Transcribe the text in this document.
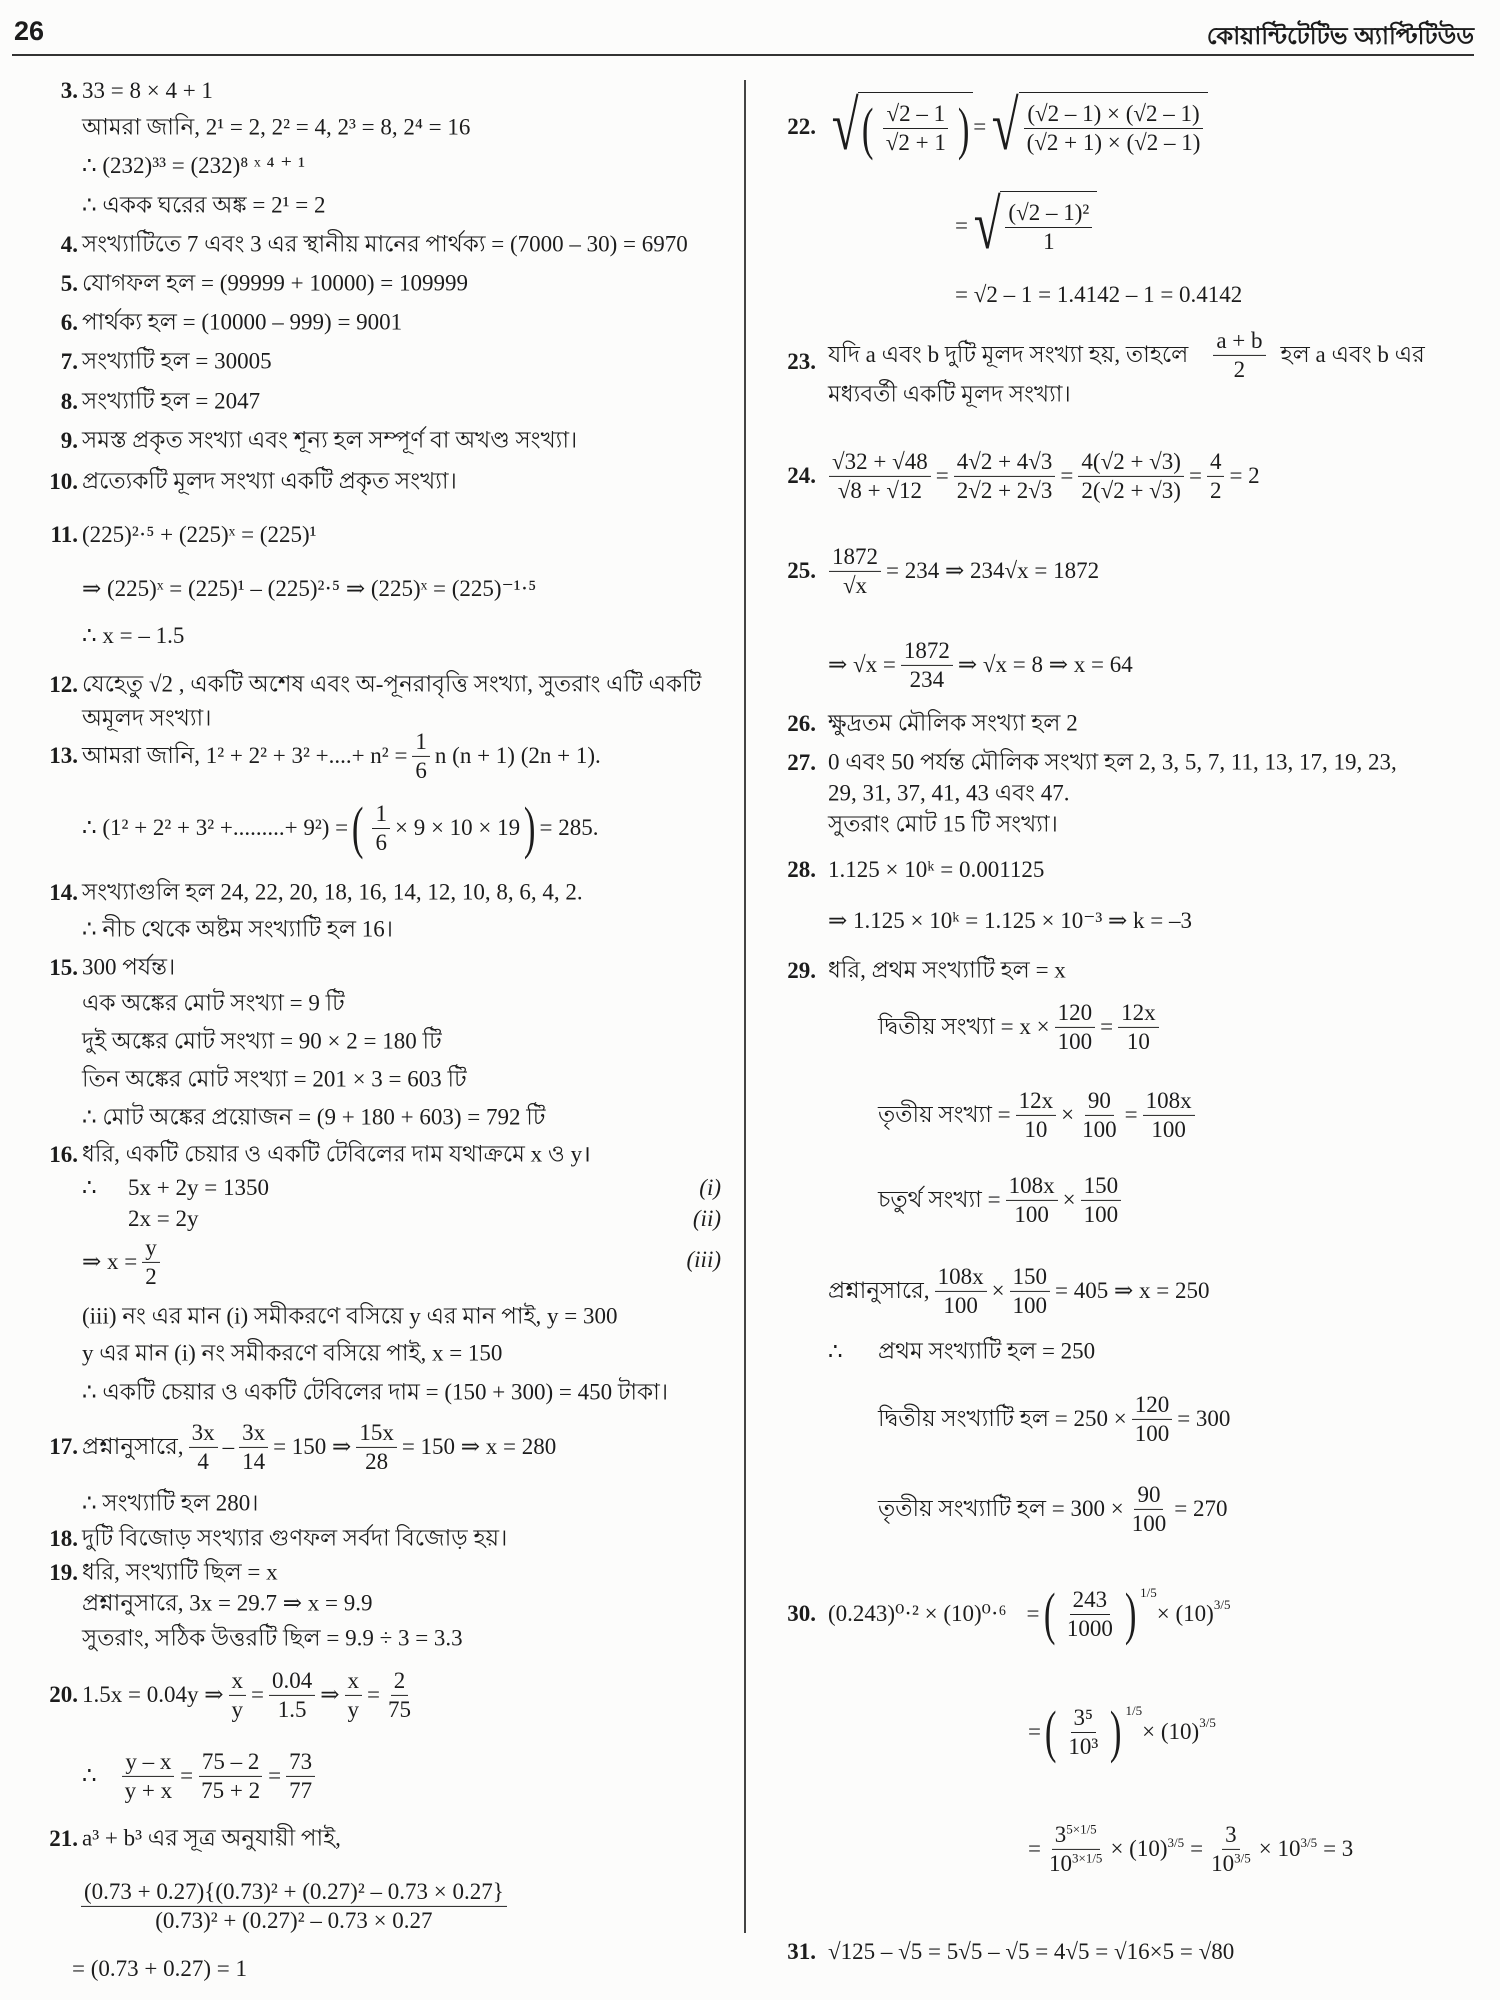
26	কোয়ান্টিটেটিভ অ্যাপ্টিটিউড
3. 33 = 8 × 4 + 1
আমরা জানি, 2¹ = 2, 2² = 4, 2³ = 8, 2⁴ = 16
∴ (232)³³ = (232)⁸ ˣ ⁴ ⁺ ¹
∴ একক ঘরের অঙ্ক = 2¹ = 2
4. সংখ্যাটিতে 7 এবং 3 এর স্থানীয় মানের পার্থক্য = (7000 – 30) = 6970
5. যোগফল হল = (99999 + 10000) = 109999
6. পার্থক্য হল = (10000 – 999) = 9001
7. সংখ্যাটি হল = 30005
8. সংখ্যাটি হল = 2047
9. সমস্ত প্রকৃত সংখ্যা এবং শূন্য হল সম্পূর্ণ বা অখণ্ড সংখ্যা।
10. প্রত্যেকটি মূলদ সংখ্যা একটি প্রকৃত সংখ্যা।
11. (225)²·⁵ + (225)ˣ = (225)¹
⇒ (225)ˣ = (225)¹ – (225)²·⁵ ⇒ (225)ˣ = (225)⁻¹·⁵
∴ x = – 1.5
12. যেহেতু √2 , একটি অশেষ এবং অ-পূনরাবৃত্তি সংখ্যা, সুতরাং এটি একটি
অমূলদ সংখ্যা।
13. আমরা জানি, 1² + 2² + 3² +....+ $n^2 = \frac{1}{6}$ n (n + 1) (2n + 1).
∴ (1² + 2² + 3² +.........+ 9²) = ( $\frac{1}{6} \times 9 \times 10 \times 19$ ) = 285.
14. সংখ্যাগুলি হল 24, 22, 20, 18, 16, 14, 12, 10, 8, 6, 4, 2.
∴ নীচ থেকে অষ্টম সংখ্যাটি হল 16।
15. 300 পর্যন্ত।
এক অঙ্কের মোট সংখ্যা = 9 টি
দুই অঙ্কের মোট সংখ্যা = 90 × 2 = 180 টি
তিন অঙ্কের মোট সংখ্যা = 201 × 3 = 603 টি
∴ মোট অঙ্কের প্রয়োজন = (9 + 180 + 603) = 792 টি
16. ধরি, একটি চেয়ার ও একটি টেবিলের দাম যথাক্রমে x ও y।
∴ 5x + 2y = 1350	(i)
2x = 2y	(ii)
⇒ $x = \frac{y}{2}$	(iii)
(iii) নং এর মান (i) সমীকরণে বসিয়ে y এর মান পাই, y = 300
y এর মান (i) নং সমীকরণে বসিয়ে পাই, x = 150
∴ একটি চেয়ার ও একটি টেবিলের দাম = (150 + 300) = 450 টাকা।
17. প্রশ্নানুসারে, $\frac{3x}{4} - \frac{3x}{14} = 150$ ⇒ $\frac{15x}{28} = 150$ ⇒ x = 280
∴ সংখ্যাটি হল 280।
18. দুটি বিজোড় সংখ্যার গুণফল সর্বদা বিজোড় হয়।
19. ধরি, সংখ্যাটি ছিল = x
প্রশ্নানুসারে, 3x = 29.7 ⇒ x = 9.9
সুতরাং, সঠিক উত্তরটি ছিল = 9.9 ÷ 3 = 3.3
20. 1.5x = 0.04y ⇒ $\frac{x}{y} = \frac{0.04}{1.5}$ ⇒ $\frac{x}{y} = \frac{2}{75}$
∴ $\frac{y - x}{y + x} = \frac{75 - 2}{75 + 2} = \frac{73}{77}$
21. a³ + b³ এর সূত্র অনুযায়ী পাই,
$\frac{\text{(0.73 + 0.27)\{(0.73)² + (0.27)² – 0.73 × 0.27\}}}{\text{(0.73)² + (0.27)² – 0.73 × 0.27}}$
= (0.73 + 0.27) = 1
22. √ ( $\frac{√2 - 1}{√2 + 1}$ ) = √ $\frac{(√2 - 1) \times (√2 - 1)}{(√2 + 1) \times (√2 - 1)}$
= √ $\frac{\text{(√2 – 1)²}}{1}$
= √2 – 1 = 1.4142 – 1 = 0.4142
23. যদি a এবং b দুটি মূলদ সংখ্যা হয়, তাহলে $\frac{a + b}{2}$ হল a এবং b এর
মধ্যবর্তী একটি মূলদ সংখ্যা।
24. $\frac{√32 + √48}{√8 + √12} = \frac{4√2 + 4√3}{2√2 + 2√3} = \frac{4(√2 + √3)}{2(√2 + √3)} = \frac{4}{2} = 2$
25. $\frac{1872}{√x} = 234$ ⇒ 234√x = 1872
⇒ $√x = \frac{1872}{234}$ ⇒ √x = 8 ⇒ x = 64
26. ক্ষুদ্রতম মৌলিক সংখ্যা হল 2
27. 0 এবং 50 পর্যন্ত মৌলিক সংখ্যা হল 2, 3, 5, 7, 11, 13, 17, 19, 23,
29, 31, 37, 41, 43 এবং 47.
সুতরাং মোট 15 টি সংখ্যা।
28. 1.125 × 10ᵏ = 0.001125
⇒ 1.125 × 10ᵏ = 1.125 × 10⁻³ ⇒ k = –3
29. ধরি, প্রথম সংখ্যাটি হল = x
দ্বিতীয় সংখ্যা = $x \times \frac{120}{100} = \frac{12x}{10}$
তৃতীয় সংখ্যা = $\frac{12x}{10} \times \frac{90}{100} = \frac{108x}{100}$
চতুর্থ সংখ্যা = $\frac{108x}{100} \times \frac{150}{100}$
প্রশ্নানুসারে, $\frac{108x}{100} \times \frac{150}{100} = 405$ ⇒ x = 250
∴ প্রথম সংখ্যাটি হল = 250
দ্বিতীয় সংখ্যাটি হল = $250 \times \frac{120}{100} = 300$
তৃতীয় সংখ্যাটি হল = $300 \times \frac{90}{100} = 270$
30. (0.243)⁰·² × (10)⁰·⁶ = ( $\frac{243}{1000}$ ) $^{1/5}$
× $(10)^{3/5}$
= ( $\frac{\text{3⁵}}{\text{10³}}$ ) $^{1/5}$
× $(10)^{3/5}$
= $\frac{3^{5\times 1/5}}{10^{3\times 1/5}} \times (10)^{3/5} = \frac{3}{10^{3/5}} \times 10^{3/5} = 3$
31. √125 – √5 = 5√5 – √5 = 4√5 = √16×5 = √80
